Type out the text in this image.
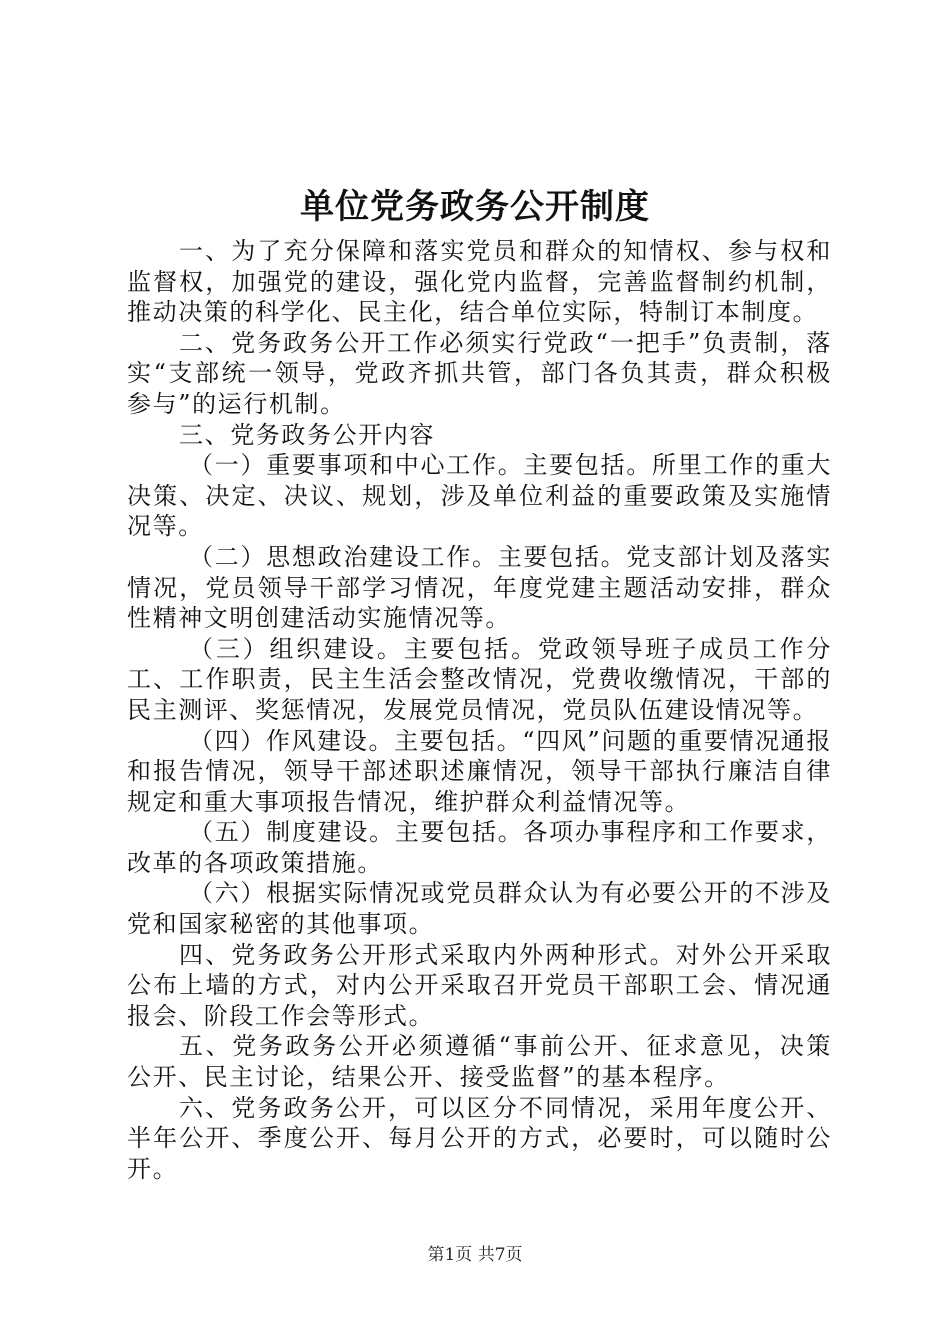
单位党务政务公开制度

一、为了充分保障和落实党员和群众的知情权、参与权和监督权，加强党的建设，强化党内监督，完善监督制约机制，推动决策的科学化、民主化，结合单位实际，特制订本制度。

二、党务政务公开工作必须实行党政“一把手”负责制，落实“支部统一领导，党政齐抓共管，部门各负其责，群众积极参与”的运行机制。

三、党务政务公开内容

（一）重要事项和中心工作。主要包括。所里工作的重大决策、决定、决议、规划，涉及单位利益的重要政策及实施情况等。

（二）思想政治建设工作。主要包括。党支部计划及落实情况，党员领导干部学习情况，年度党建主题活动安排，群众性精神文明创建活动实施情况等。

（三）组织建设。主要包括。党政领导班子成员工作分工、工作职责，民主生活会整改情况，党费收缴情况，干部的民主测评、奖惩情况，发展党员情况，党员队伍建设情况等。

（四）作风建设。主要包括。“四风”问题的重要情况通报和报告情况，领导干部述职述廉情况，领导干部执行廉洁自律规定和重大事项报告情况，维护群众利益情况等。

（五）制度建设。主要包括。各项办事程序和工作要求，改革的各项政策措施。

（六）根据实际情况或党员群众认为有必要公开的不涉及党和国家秘密的其他事项。

四、党务政务公开形式采取内外两种形式。对外公开采取公布上墙的方式，对内公开采取召开党员干部职工会、情况通报会、阶段工作会等形式。

五、党务政务公开必须遵循“事前公开、征求意见，决策公开、民主讨论，结果公开、接受监督”的基本程序。

六、党务政务公开，可以区分不同情况，采用年度公开、半年公开、季度公开、每月公开的方式，必要时，可以随时公开。

第1页 共7页
